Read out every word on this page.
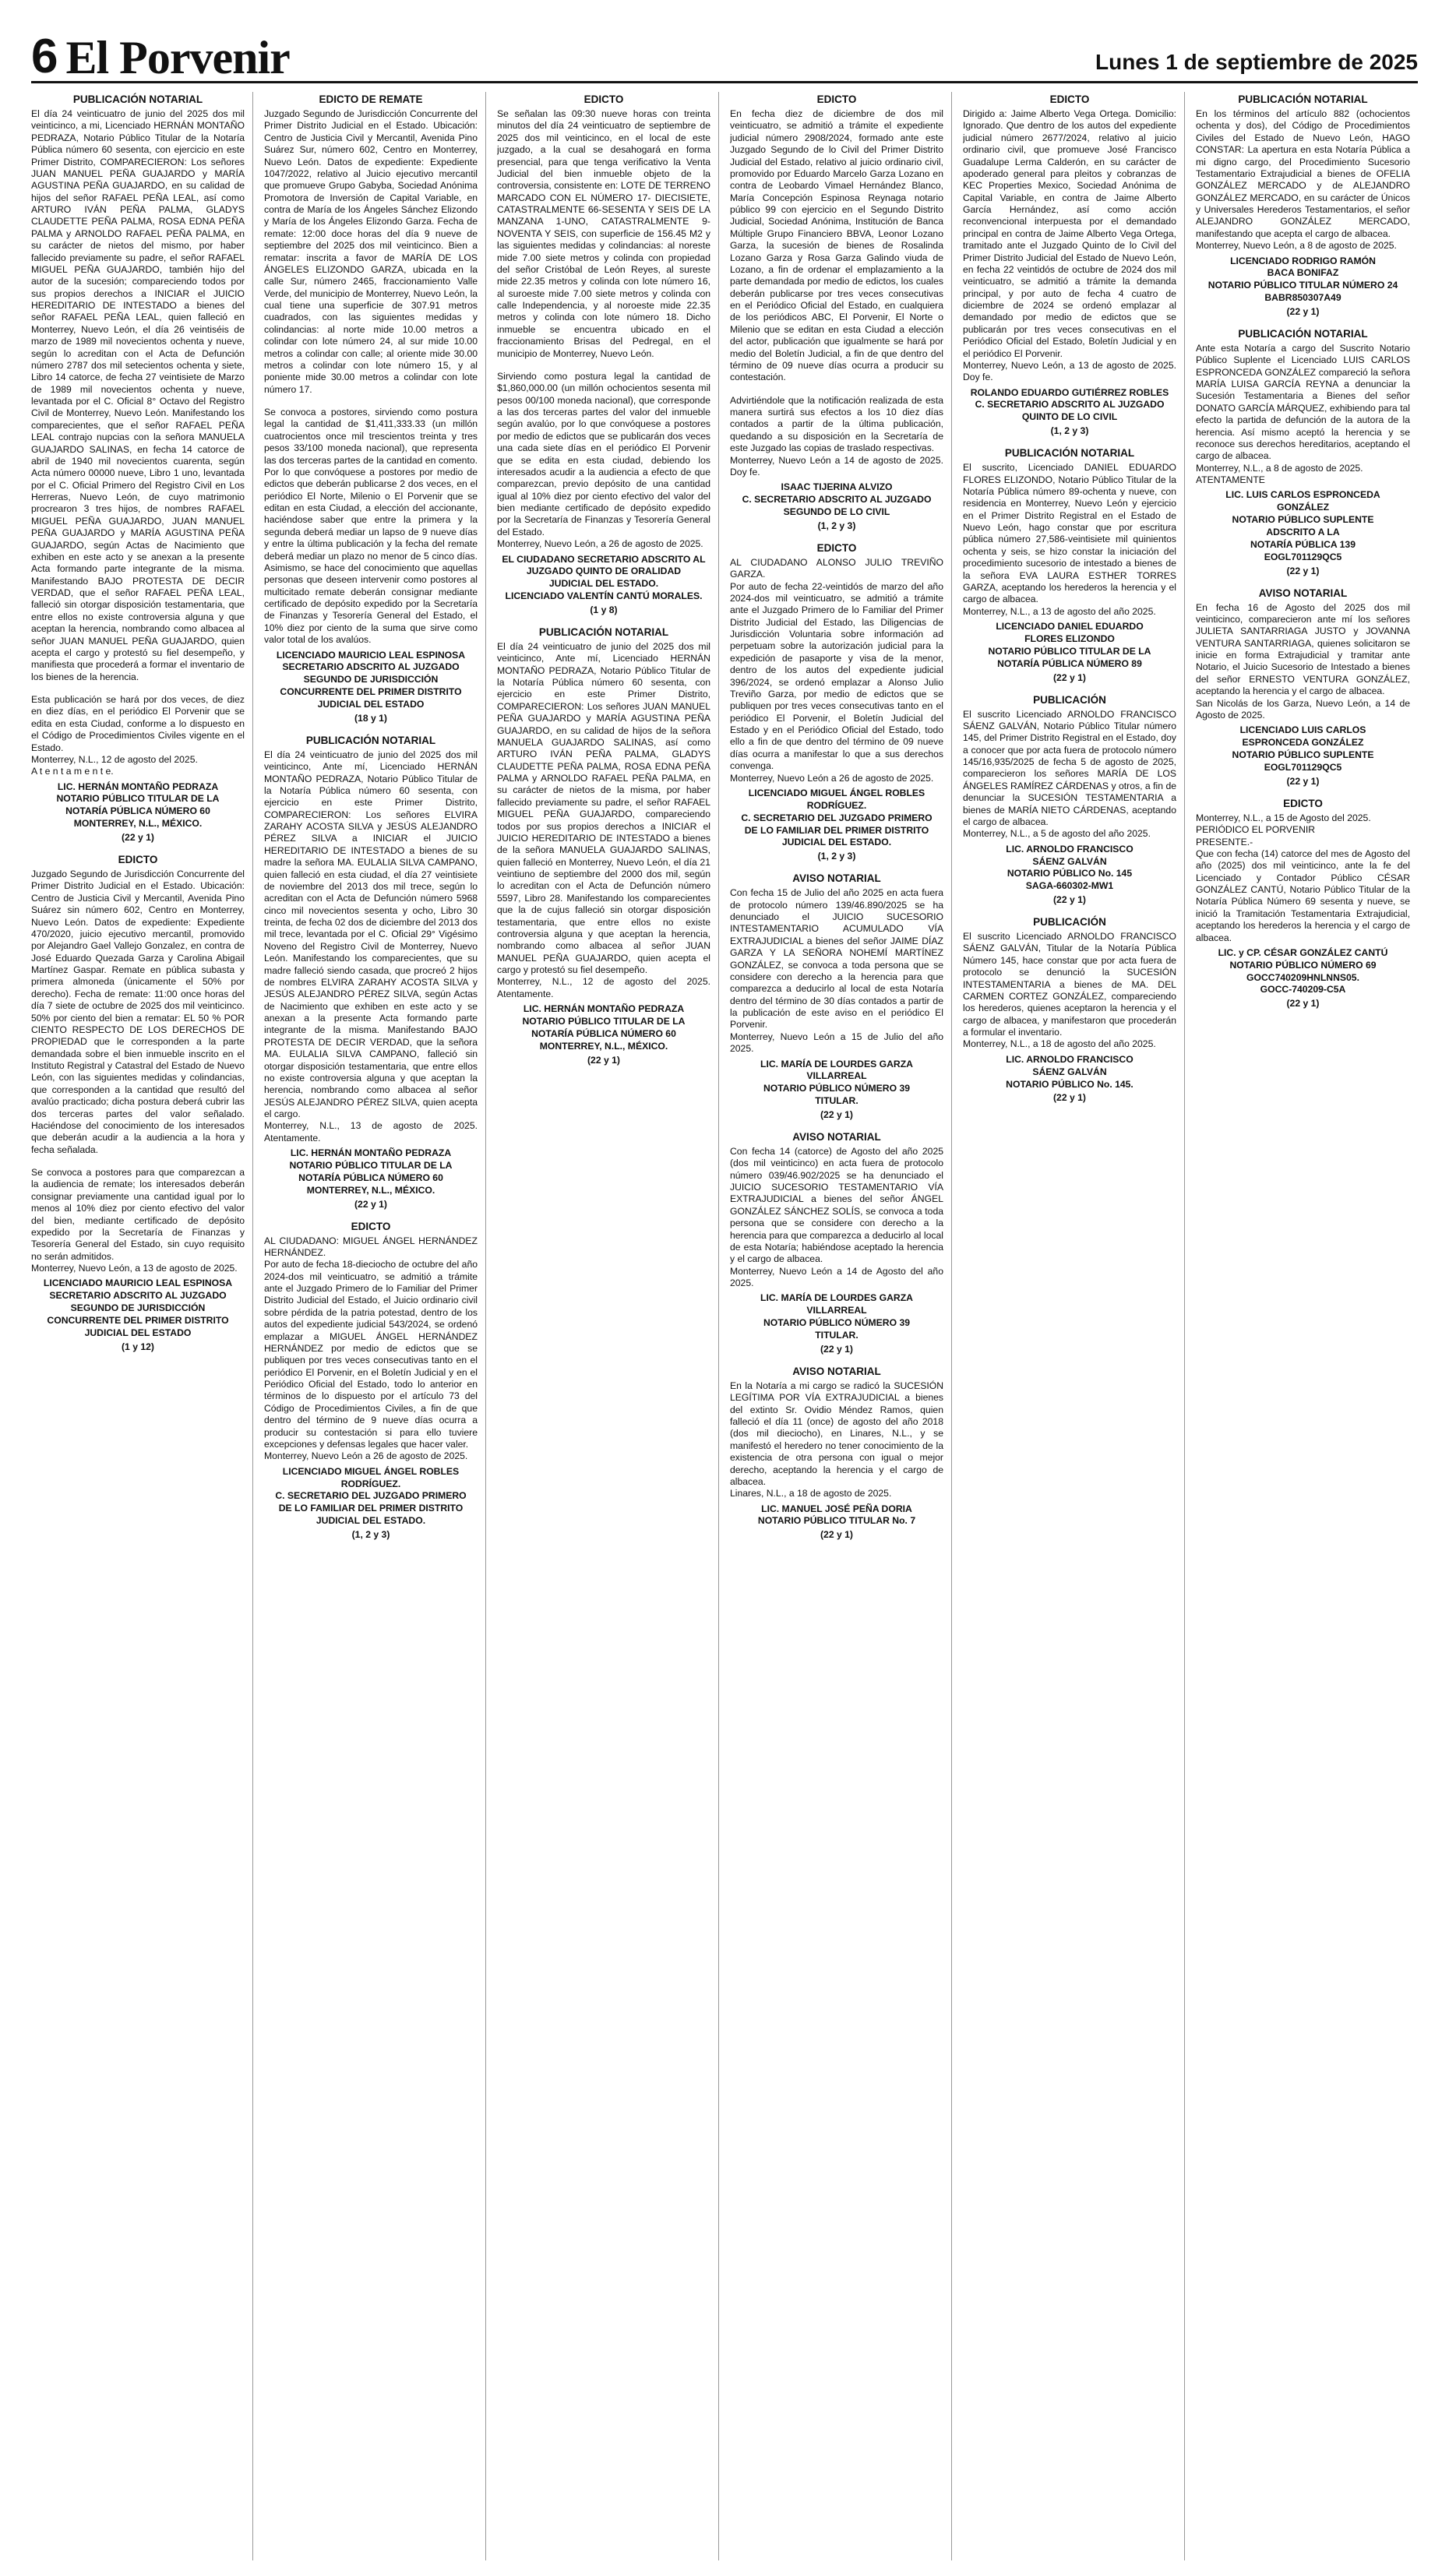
6 El Porvenir	Lunes 1 de septiembre de 2025
PUBLICACIÓN NOTARIAL
El día 24 veinticuatro de junio del 2025 dos mil veinticinco, a mi, Licenciado HERNÁN MONTAÑO PEDRAZA, Notario Público Titular de la Notaría Pública número 60 sesenta, con ejercicio en este Primer Distrito, COMPARECIERON: Los señores JUAN MANUEL PEÑA GUAJARDO y MARÍA AGUSTINA PEÑA GUAJARDO, en su calidad de hijos del señor RAFAEL PEÑA LEAL, así como ARTURO IVÁN PEÑA PALMA, GLADYS CLAUDETTE PEÑA PALMA, ROSA EDNA PEÑA PALMA y ARNOLDO RAFAEL PEÑA PALMA, en su carácter de nietos del mismo, por haber fallecido previamente su padre, el señor RAFAEL MIGUEL PEÑA GUAJARDO, también hijo del autor de la sucesión; compareciendo todos por sus propios derechos a INICIAR el JUICIO HEREDITARIO DE INTESTADO a bienes del señor RAFAEL PEÑA LEAL, quien falleció en Monterrey, Nuevo León, el día 26 veintiséis de marzo de 1989 mil novecientos ochenta y nueve, según lo acreditan con el Acta de Defunción número 2787 dos mil setecientos ochenta y siete, Libro 14 catorce, de fecha 27 veintisiete de Marzo de 1989 mil novecientos ochenta y nueve, levantada por el C. Oficial 8° Octavo del Registro Civil de Monterrey, Nuevo León. Manifestando los comparecientes, que el señor RAFAEL PEÑA LEAL contrajo nupcias con la señora MANUELA GUAJARDO SALINAS, en fecha 14 catorce de abril de 1940 mil novecientos cuarenta, según Acta número 00000 nueve, Libro 1 uno, levantada por el C. Oficial Primero del Registro Civil en Los Herreras, Nuevo León, de cuyo matrimonio procrearon 3 tres hijos, de nombres RAFAEL MIGUEL PEÑA GUAJARDO, JUAN MANUEL PEÑA GUAJARDO y MARÍA AGUSTINA PEÑA GUAJARDO, según Actas de Nacimiento que exhiben en este acto y se anexan a la presente Acta formando parte integrante de la misma. Manifestando BAJO PROTESTA DE DECIR VERDAD, que el señor RAFAEL PEÑA LEAL, falleció sin otorgar disposición testamentaria, que entre ellos no existe controversia alguna y que aceptan la herencia, nombrando como albacea al señor JUAN MANUEL PEÑA GUAJARDO, quien acepta el cargo y protestó su fiel desempeño, y manifiesta que procederá a formar el inventario de los bienes de la herencia.
Esta publicación se hará por dos veces, de diez en diez días, en el periódico El Porvenir que se edita en esta Ciudad, conforme a lo dispuesto en el Código de Procedimientos Civiles vigente en el Estado.
Monterrey, N.L., 12 de agosto del 2025.
A t e n t a m e n t e.
LIC. HERNÁN MONTAÑO PEDRAZA
NOTARIO PÚBLICO TITULAR DE LA
NOTARÍA PÚBLICA NÚMERO 60
MONTERREY, N.L., MÉXICO.
(22 y 1)
EDICTO
Juzgado Segundo de Jurisdicción Concurrente del Primer Distrito Judicial en el Estado. Ubicación: Centro de Justicia Civil y Mercantil, Avenida Pino Suárez sin número 602, Centro en Monterrey, Nuevo León. Datos de expediente: Expediente 470/2020, juicio ejecutivo mercantil, promovido por Alejandro Gael Vallejo Gonzalez, en contra de José Eduardo Quezada Garza y Carolina Abigail Martínez Gaspar. Remate en pública subasta y primera almoneda (únicamente el 50% por derecho). Fecha de remate: 11:00 once horas del día 7 siete de octubre de 2025 dos mil veinticinco. 50% por ciento del bien a rematar: EL 50 % POR CIENTO RESPECTO DE LOS DERECHOS DE PROPIEDAD que le corresponden a la parte demandada sobre el bien inmueble inscrito en el Instituto Registral y Catastral del Estado de Nuevo León, con las siguientes medidas y colindancias, que corresponden a la cantidad que resultó del avalúo practicado; dicha postura deberá cubrir las dos terceras partes del valor señalado. Haciéndose del conocimiento de los interesados que deberán acudir a la audiencia a la hora y fecha señalada.
Se convoca a postores para que comparezcan a la audiencia de remate; los interesados deberán consignar previamente una cantidad igual por lo menos al 10% diez por ciento efectivo del valor del bien, mediante certificado de depósito expedido por la Secretaría de Finanzas y Tesorería General del Estado, sin cuyo requisito no serán admitidos.
Monterrey, Nuevo León, a 13 de agosto de 2025.
LICENCIADO MAURICIO LEAL ESPINOSA
SECRETARIO ADSCRITO AL JUZGADO
SEGUNDO DE JURISDICCIÓN
CONCURRENTE DEL PRIMER DISTRITO
JUDICIAL DEL ESTADO
(1 y 12)
EDICTO DE REMATE
Juzgado Segundo de Jurisdicción Concurrente del Primer Distrito Judicial en el Estado. Ubicación: Centro de Justicia Civil y Mercantil, Avenida Pino Suárez Sur, número 602, Centro en Monterrey, Nuevo León. Datos de expediente: Expediente 1047/2022, relativo al Juicio ejecutivo mercantil que promueve Grupo Gabyba, Sociedad Anónima Promotora de Inversión de Capital Variable, en contra de María de los Ángeles Sánchez Elizondo y María de los Ángeles Elizondo Garza. Fecha de remate: 12:00 doce horas del día 9 nueve de septiembre del 2025 dos mil veinticinco. Bien a rematar: inscrita a favor de MARÍA DE LOS ÁNGELES ELIZONDO GARZA, ubicada en la calle Sur, número 2465, fraccionamiento Valle Verde, del municipio de Monterrey, Nuevo León, la cual tiene una superficie de 307.91 metros cuadrados, con las siguientes medidas y colindancias: al norte mide 10.00 metros a colindar con lote número 24, al sur mide 10.00 metros a colindar con calle; al oriente mide 30.00 metros a colindar con lote número 15, y al poniente mide 30.00 metros a colindar con lote número 17.
Se convoca a postores, sirviendo como postura legal la cantidad de $1,411,333.33 (un millón cuatrocientos once mil trescientos treinta y tres pesos 33/100 moneda nacional), que representa las dos terceras partes de la cantidad en comento. Por lo que convóquese a postores por medio de edictos que deberán publicarse 2 dos veces, en el periódico El Norte, Milenio o El Porvenir que se editan en esta Ciudad, a elección del accionante, haciéndose saber que entre la primera y la segunda deberá mediar un lapso de 9 nueve días y entre la última publicación y la fecha del remate deberá mediar un plazo no menor de 5 cinco días. Asimismo, se hace del conocimiento que aquellas personas que deseen intervenir como postores al multicitado remate deberán consignar mediante certificado de depósito expedido por la Secretaría de Finanzas y Tesorería General del Estado, el 10% diez por ciento de la suma que sirve como valor total de los avalúos.
LICENCIADO MAURICIO LEAL ESPINOSA
SECRETARIO ADSCRITO AL JUZGADO
SEGUNDO DE JURISDICCIÓN
CONCURRENTE DEL PRIMER DISTRITO
JUDICIAL DEL ESTADO
(18 y 1)
PUBLICACIÓN NOTARIAL
El día 24 veinticuatro de junio del 2025 dos mil veinticinco, Ante mí, Licenciado HERNÁN MONTAÑO PEDRAZA, Notario Público Titular de la Notaría Pública número 60 sesenta, con ejercicio en este Primer Distrito, COMPARECIERON: Los señores ELVIRA ZARAHY ACOSTA SILVA y JESÚS ALEJANDRO PÉREZ SILVA a INICIAR el JUICIO HEREDITARIO DE INTESTADO a bienes de su madre la señora MA. EULALIA SILVA CAMPANO, quien falleció en esta ciudad, el día 27 veintisiete de noviembre del 2013 dos mil trece, según lo acreditan con el Acta de Defunción número 5968 cinco mil novecientos sesenta y ocho, Libro 30 treinta, de fecha 02 dos de diciembre del 2013 dos mil trece, levantada por el C. Oficial 29° Vigésimo Noveno del Registro Civil de Monterrey, Nuevo León. Manifestando los comparecientes, que su madre falleció siendo casada, que procreó 2 hijos de nombres ELVIRA ZARAHY ACOSTA SILVA y JESÚS ALEJANDRO PÉREZ SILVA, según Actas de Nacimiento que exhiben en este acto y se anexan a la presente Acta formando parte integrante de la misma. Manifestando BAJO PROTESTA DE DECIR VERDAD, que la señora MA. EULALIA SILVA CAMPANO, falleció sin otorgar disposición testamentaria, que entre ellos no existe controversia alguna y que aceptan la herencia, nombrando como albacea al señor JESÚS ALEJANDRO PÉREZ SILVA, quien acepta el cargo.
Monterrey, N.L., 13 de agosto de 2025. Atentamente.
LIC. HERNÁN MONTAÑO PEDRAZA
NOTARIO PÚBLICO TITULAR DE LA
NOTARÍA PÚBLICA NÚMERO 60
MONTERREY, N.L., MÉXICO.
(22 y 1)
EDICTO
AL CIUDADANO: MIGUEL ÁNGEL HERNÁNDEZ HERNÁNDEZ.
Por auto de fecha 18-dieciocho de octubre del año 2024-dos mil veinticuatro, se admitió a trámite ante el Juzgado Primero de lo Familiar del Primer Distrito Judicial del Estado, el Juicio ordinario civil sobre pérdida de la patria potestad, dentro de los autos del expediente judicial 543/2024, se ordenó emplazar a MIGUEL ÁNGEL HERNÁNDEZ HERNÁNDEZ por medio de edictos que se publiquen por tres veces consecutivas tanto en el periódico El Porvenir, en el Boletín Judicial y en el Periódico Oficial del Estado, todo lo anterior en términos de lo dispuesto por el artículo 73 del Código de Procedimientos Civiles, a fin de que dentro del término de 9 nueve días ocurra a producir su contestación si para ello tuviere excepciones y defensas legales que hacer valer.
Monterrey, Nuevo León a 26 de agosto de 2025.
LICENCIADO MIGUEL ÁNGEL ROBLES RODRÍGUEZ.
C. SECRETARIO DEL JUZGADO PRIMERO
DE LO FAMILIAR DEL PRIMER DISTRITO
JUDICIAL DEL ESTADO.
(1, 2 y 3)
EDICTO
Se señalan las 09:30 nueve horas con treinta minutos del día 24 veinticuatro de septiembre de 2025 dos mil veinticinco, en el local de este juzgado, a la cual se desahogará en forma presencial, para que tenga verificativo la Venta Judicial del bien inmueble objeto de la controversia, consistente en: LOTE DE TERRENO MARCADO CON EL NÚMERO 17- DIECISIETE, CATASTRALMENTE 66-SESENTA Y SEIS DE LA MANZANA 1-UNO, CATASTRALMENTE 9-NOVENTA Y SEIS, con superficie de 156.45 M2 y las siguientes medidas y colindancias: al noreste mide 7.00 siete metros y colinda con propiedad del señor Cristóbal de León Reyes, al sureste mide 22.35 metros y colinda con lote número 16, al suroeste mide 7.00 siete metros y colinda con calle Independencia, y al noroeste mide 22.35 metros y colinda con lote número 18. Dicho inmueble se encuentra ubicado en el fraccionamiento Brisas del Pedregal, en el municipio de Monterrey, Nuevo León.
Sirviendo como postura legal la cantidad de $1,860,000.00 (un millón ochocientos sesenta mil pesos 00/100 moneda nacional), que corresponde a las dos terceras partes del valor del inmueble según avalúo, por lo que convóquese a postores por medio de edictos que se publicarán dos veces una cada siete días en el periódico El Porvenir que se edita en esta ciudad, debiendo los interesados acudir a la audiencia a efecto de que comparezcan, previo depósito de una cantidad igual al 10% diez por ciento efectivo del valor del bien mediante certificado de depósito expedido por la Secretaría de Finanzas y Tesorería General del Estado.
Monterrey, Nuevo León, a 26 de agosto de 2025.
EL CIUDADANO SECRETARIO ADSCRITO AL
JUZGADO QUINTO DE ORALIDAD
JUDICIAL DEL ESTADO.
LICENCIADO VALENTÍN CANTÚ MORALES.
(1 y 8)
PUBLICACIÓN NOTARIAL
El día 24 veinticuatro de junio del 2025 dos mil veinticinco, Ante mí, Licenciado HERNÁN MONTAÑO PEDRAZA, Notario Público Titular de la Notaría Pública número 60 sesenta, con ejercicio en este Primer Distrito, COMPARECIERON: Los señores JUAN MANUEL PEÑA GUAJARDO y MARÍA AGUSTINA PEÑA GUAJARDO, en su calidad de hijos de la señora MANUELA GUAJARDO SALINAS, así como ARTURO IVÁN PEÑA PALMA, GLADYS CLAUDETTE PEÑA PALMA, ROSA EDNA PEÑA PALMA y ARNOLDO RAFAEL PEÑA PALMA, en su carácter de nietos de la misma, por haber fallecido previamente su padre, el señor RAFAEL MIGUEL PEÑA GUAJARDO, compareciendo todos por sus propios derechos a INICIAR el JUICIO HEREDITARIO DE INTESTADO a bienes de la señora MANUELA GUAJARDO SALINAS, quien falleció en Monterrey, Nuevo León, el día 21 veintiuno de septiembre del 2000 dos mil, según lo acreditan con el Acta de Defunción número 5597, Libro 28. Manifestando los comparecientes que la de cujus falleció sin otorgar disposición testamentaria, que entre ellos no existe controversia alguna y que aceptan la herencia, nombrando como albacea al señor JUAN MANUEL PEÑA GUAJARDO, quien acepta el cargo y protestó su fiel desempeño.
Monterrey, N.L., 12 de agosto del 2025. Atentamente.
LIC. HERNÁN MONTAÑO PEDRAZA
NOTARIO PÚBLICO TITULAR DE LA
NOTARÍA PÚBLICA NÚMERO 60
MONTERREY, N.L., MÉXICO.
(22 y 1)
EDICTO
En fecha diez de diciembre de dos mil veinticuatro, se admitió a trámite el expediente judicial número 2908/2024, formado ante este Juzgado Segundo de lo Civil del Primer Distrito Judicial del Estado, relativo al juicio ordinario civil, promovido por Eduardo Marcelo Garza Lozano en contra de Leobardo Vimael Hernández Blanco, María Concepción Espinosa Reynaga notario público 99 con ejercicio en el Segundo Distrito Judicial, Sociedad Anónima, Institución de Banca Múltiple Grupo Financiero BBVA, Leonor Lozano Garza, la sucesión de bienes de Rosalinda Lozano Garza y Rosa Garza Galindo viuda de Lozano, a fin de ordenar el emplazamiento a la parte demandada por medio de edictos, los cuales deberán publicarse por tres veces consecutivas en el Periódico Oficial del Estado, en cualquiera de los periódicos ABC, El Porvenir, El Norte o Milenio que se editan en esta Ciudad a elección del actor, publicación que igualmente se hará por medio del Boletín Judicial, a fin de que dentro del término de 09 nueve días ocurra a producir su contestación.
Advirtiéndole que la notificación realizada de esta manera surtirá sus efectos a los 10 diez días contados a partir de la última publicación, quedando a su disposición en la Secretaría de este Juzgado las copias de traslado respectivas.
Monterrey, Nuevo León a 14 de agosto de 2025. Doy fe.
ISAAC TIJERINA ALVIZO
C. SECRETARIO ADSCRITO AL JUZGADO
SEGUNDO DE LO CIVIL
(1, 2 y 3)
EDICTO
AL CIUDADANO ALONSO JULIO TREVIÑO GARZA.
Por auto de fecha 22-veintidós de marzo del año 2024-dos mil veinticuatro, se admitió a trámite ante el Juzgado Primero de lo Familiar del Primer Distrito Judicial del Estado, las Diligencias de Jurisdicción Voluntaria sobre información ad perpetuam sobre la autorización judicial para la expedición de pasaporte y visa de la menor, dentro de los autos del expediente judicial 396/2024, se ordenó emplazar a Alonso Julio Treviño Garza, por medio de edictos que se publiquen por tres veces consecutivas tanto en el periódico El Porvenir, el Boletín Judicial del Estado y en el Periódico Oficial del Estado, todo ello a fin de que dentro del término de 09 nueve días ocurra a manifestar lo que a sus derechos convenga.
Monterrey, Nuevo León a 26 de agosto de 2025.
LICENCIADO MIGUEL ÁNGEL ROBLES
RODRÍGUEZ.
C. SECRETARIO DEL JUZGADO PRIMERO
DE LO FAMILIAR DEL PRIMER DISTRITO
JUDICIAL DEL ESTADO.
(1, 2 y 3)
AVISO NOTARIAL
Con fecha 15 de Julio del año 2025 en acta fuera de protocolo número 139/46.890/2025 se ha denunciado el JUICIO SUCESORIO INTESTAMENTARIO ACUMULADO VÍA EXTRAJUDICIAL a bienes del señor JAIME DÍAZ GARZA Y LA SEÑORA NOHEMÍ MARTÍNEZ GONZÁLEZ, se convoca a toda persona que se considere con derecho a la herencia para que comparezca a deducirlo al local de esta Notaría dentro del término de 30 días contados a partir de la publicación de este aviso en el periódico El Porvenir.
Monterrey, Nuevo León a 15 de Julio del año 2025.
LIC. MARÍA DE LOURDES GARZA
VILLARREAL
NOTARIO PÚBLICO NÚMERO 39
TITULAR.
(22 y 1)
AVISO NOTARIAL
Con fecha 14 (catorce) de Agosto del año 2025 (dos mil veinticinco) en acta fuera de protocolo número 039/46.902/2025 se ha denunciado el JUICIO SUCESORIO TESTAMENTARIO VÍA EXTRAJUDICIAL a bienes del señor ÁNGEL GONZÁLEZ SÁNCHEZ SOLÍS, se convoca a toda persona que se considere con derecho a la herencia para que comparezca a deducirlo al local de esta Notaría; habiéndose aceptado la herencia y el cargo de albacea.
Monterrey, Nuevo León a 14 de Agosto del año 2025.
LIC. MARÍA DE LOURDES GARZA
VILLARREAL
NOTARIO PÚBLICO NÚMERO 39
TITULAR.
(22 y 1)
AVISO NOTARIAL
En la Notaría a mi cargo se radicó la SUCESIÓN LEGÍTIMA POR VÍA EXTRAJUDICIAL a bienes del extinto Sr. Ovidio Méndez Ramos, quien falleció el día 11 (once) de agosto del año 2018 (dos mil dieciocho), en Linares, N.L., y se manifestó el heredero no tener conocimiento de la existencia de otra persona con igual o mejor derecho, aceptando la herencia y el cargo de albacea.
Linares, N.L., a 18 de agosto de 2025.
LIC. MANUEL JOSÉ PEÑA DORIA
NOTARIO PÚBLICO TITULAR No. 7
(22 y 1)
EDICTO
Dirigido a: Jaime Alberto Vega Ortega. Domicilio: Ignorado. Que dentro de los autos del expediente judicial número 2677/2024, relativo al juicio ordinario civil, que promueve José Francisco Guadalupe Lerma Calderón, en su carácter de apoderado general para pleitos y cobranzas de KEC Properties Mexico, Sociedad Anónima de Capital Variable, en contra de Jaime Alberto García Hernández, así como acción reconvencional interpuesta por el demandado principal en contra de Jaime Alberto Vega Ortega, tramitado ante el Juzgado Quinto de lo Civil del Primer Distrito Judicial del Estado de Nuevo León, en fecha 22 veintidós de octubre de 2024 dos mil veinticuatro, se admitió a trámite la demanda principal, y por auto de fecha 4 cuatro de diciembre de 2024 se ordenó emplazar al demandado por medio de edictos que se publicarán por tres veces consecutivas en el Periódico Oficial del Estado, Boletín Judicial y en el periódico El Porvenir.
Monterrey, Nuevo León, a 13 de agosto de 2025. Doy fe.
ROLANDO EDUARDO GUTIÉRREZ ROBLES
C. SECRETARIO ADSCRITO AL JUZGADO
QUINTO DE LO CIVIL
(1, 2 y 3)
PUBLICACIÓN NOTARIAL
El suscrito, Licenciado DANIEL EDUARDO FLORES ELIZONDO, Notario Público Titular de la Notaría Pública número 89-ochenta y nueve, con residencia en Monterrey, Nuevo León y ejercicio en el Primer Distrito Registral en el Estado de Nuevo León, hago constar que por escritura pública número 27,586-veintisiete mil quinientos ochenta y seis, se hizo constar la iniciación del procedimiento sucesorio de intestado a bienes de la señora EVA LAURA ESTHER TORRES GARZA, aceptando los herederos la herencia y el cargo de albacea.
Monterrey, N.L., a 13 de agosto del año 2025.
LICENCIADO DANIEL EDUARDO
FLORES ELIZONDO
NOTARIO PÚBLICO TITULAR DE LA
NOTARÍA PÚBLICA NÚMERO 89
(22 y 1)
PUBLICACIÓN
El suscrito Licenciado ARNOLDO FRANCISCO SÁENZ GALVÁN, Notario Público Titular número 145, del Primer Distrito Registral en el Estado, doy a conocer que por acta fuera de protocolo número 145/16,935/2025 de fecha 5 de agosto de 2025, comparecieron los señores MARÍA DE LOS ÁNGELES RAMÍREZ CÁRDENAS y otros, a fin de denunciar la SUCESIÓN TESTAMENTARIA a bienes de MARÍA NIETO CÁRDENAS, aceptando el cargo de albacea.
Monterrey, N.L., a 5 de agosto del año 2025.
LIC. ARNOLDO FRANCISCO
SÁENZ GALVÁN
NOTARIO PÚBLICO No. 145
SAGA-660302-MW1
(22 y 1)
PUBLICACIÓN
El suscrito Licenciado ARNOLDO FRANCISCO SÁENZ GALVÁN, Titular de la Notaría Pública Número 145, hace constar que por acta fuera de protocolo se denunció la SUCESIÓN INTESTAMENTARIA a bienes de MA. DEL CARMEN CORTEZ GONZÁLEZ, compareciendo los herederos, quienes aceptaron la herencia y el cargo de albacea, y manifestaron que procederán a formular el inventario.
Monterrey, N.L., a 18 de agosto del año 2025.
LIC. ARNOLDO FRANCISCO
SÁENZ GALVÁN
NOTARIO PÚBLICO No. 145.
(22 y 1)
PUBLICACIÓN NOTARIAL
En los términos del artículo 882 (ochocientos ochenta y dos), del Código de Procedimientos Civiles del Estado de Nuevo León, HAGO CONSTAR: La apertura en esta Notaría Pública a mi digno cargo, del Procedimiento Sucesorio Testamentario Extrajudicial a bienes de OFELIA GONZÁLEZ MERCADO y de ALEJANDRO GONZÁLEZ MERCADO, en su carácter de Únicos y Universales Herederos Testamentarios, el señor ALEJANDRO GONZÁLEZ MERCADO, manifestando que acepta el cargo de albacea.
Monterrey, Nuevo León, a 8 de agosto de 2025.
LICENCIADO RODRIGO RAMÓN
BACA BONIFAZ
NOTARIO PÚBLICO TITULAR NÚMERO 24
BABR850307A49
(22 y 1)
PUBLICACIÓN NOTARIAL
Ante esta Notaría a cargo del Suscrito Notario Público Suplente el Licenciado LUIS CARLOS ESPRONCEDA GONZÁLEZ compareció la señora MARÍA LUISA GARCÍA REYNA a denunciar la Sucesión Testamentaria a Bienes del señor DONATO GARCÍA MÁRQUEZ, exhibiendo para tal efecto la partida de defunción de la autora de la herencia. Así mismo aceptó la herencia y se reconoce sus derechos hereditarios, aceptando el cargo de albacea.
Monterrey, N.L., a 8 de agosto de 2025.
ATENTAMENTE
LIC. LUIS CARLOS ESPRONCEDA
GONZÁLEZ
NOTARIO PÚBLICO SUPLENTE
ADSCRITO A LA
NOTARÍA PÚBLICA 139
EOGL701129QC5
(22 y 1)
AVISO NOTARIAL
En fecha 16 de Agosto del 2025 dos mil veinticinco, comparecieron ante mí los señores JULIETA SANTARRIAGA JUSTO y JOVANNA VENTURA SANTARRIAGA, quienes solicitaron se inicie en forma Extrajudicial y tramitar ante Notario, el Juicio Sucesorio de Intestado a bienes del señor ERNESTO VENTURA GONZÁLEZ, aceptando la herencia y el cargo de albacea.
San Nicolás de los Garza, Nuevo León, a 14 de Agosto de 2025.
LICENCIADO LUIS CARLOS
ESPRONCEDA GONZÁLEZ
NOTARIO PÚBLICO SUPLENTE
EOGL701129QC5
(22 y 1)
EDICTO
Monterrey, N.L., a 15 de Agosto del 2025.
PERIÓDICO EL PORVENIR
PRESENTE.-
Que con fecha (14) catorce del mes de Agosto del año (2025) dos mil veinticinco, ante la fe del Licenciado y Contador Público CÉSAR GONZÁLEZ CANTÚ, Notario Público Titular de la Notaría Pública Número 69 sesenta y nueve, se inició la Tramitación Testamentaria Extrajudicial, aceptando los herederos la herencia y el cargo de albacea.
LIC. y CP. CÉSAR GONZÁLEZ CANTÚ
NOTARIO PÚBLICO NÚMERO 69
GOCC740209HNLNNS05.
GOCC-740209-C5A
(22 y 1)
